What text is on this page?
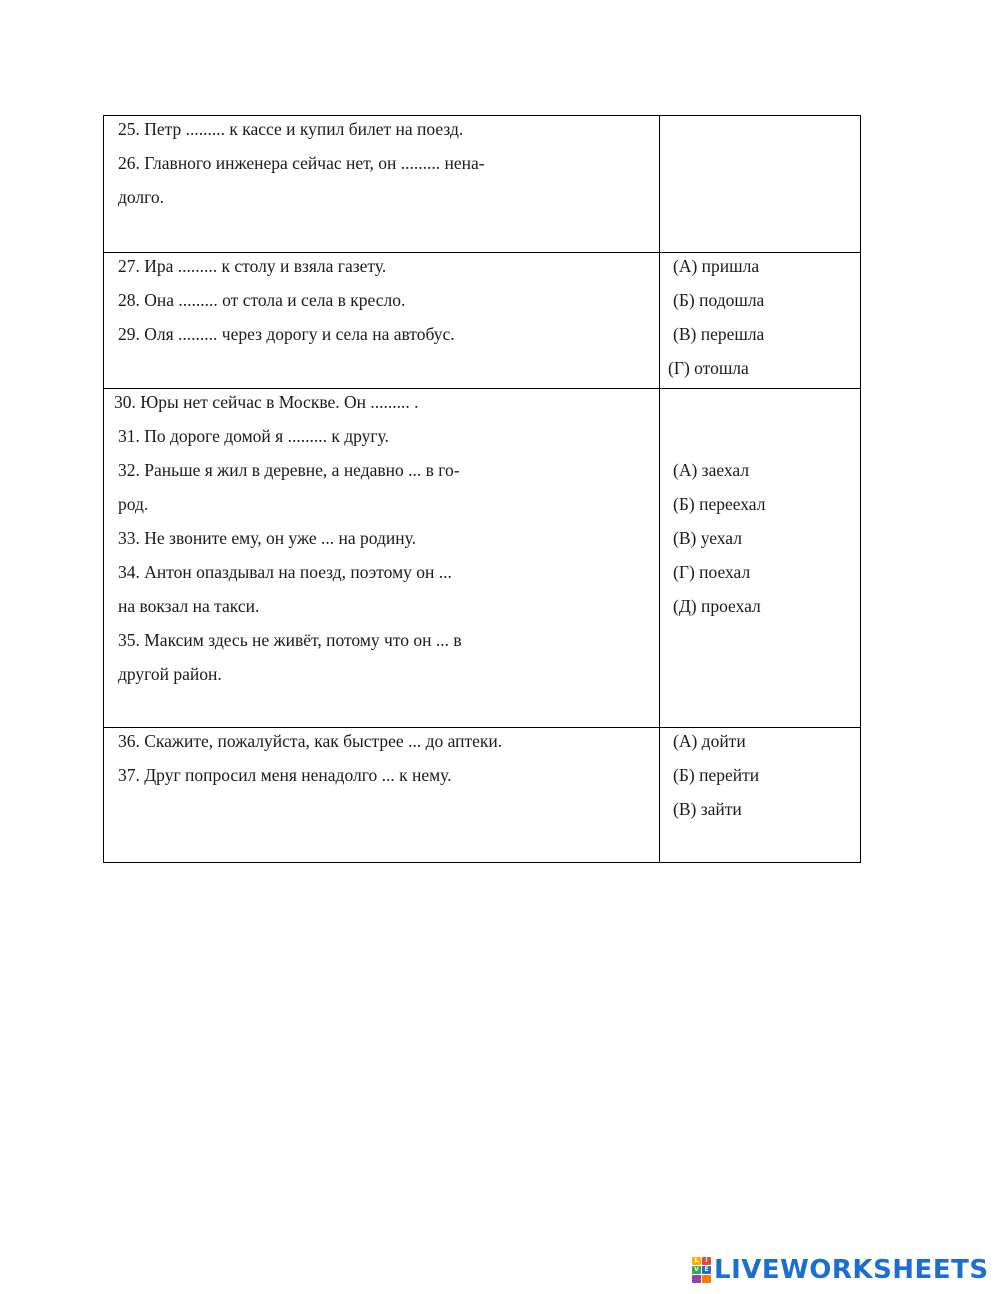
25. Петр ......... к кассе и купил билет на поезд.
26. Главного инженера сейчас нет, он ......... нена-
долго.
27. Ира ......... к столу и взяла газету.
28. Она ......... от стола и села в кресло.
29. Оля ......... через дорогу и села на автобус.
(А) пришла
(Б) подошла
(В) перешла
(Г) отошла
30. Юры нет сейчас в Москве. Он ......... .
31. По дороге домой я ......... к другу.
32. Раньше я жил в деревне, а недавно ... в го-
род.
33. Не звоните ему, он уже ... на родину.
34. Антон опаздывал на поезд, поэтому он ...
на вокзал на такси.
35. Максим здесь не живёт, потому что он ... в
другой район.
(А) заехал
(Б) переехал
(В) уехал
(Г) поехал
(Д) проехал
36. Скажите, пожалуйста, как быстрее ... до аптеки.
37. Друг попросил меня ненадолго ... к нему.
(А) дойти
(Б) перейти
(В) зайти
L	I
V E LIVEWORKSHEETS
